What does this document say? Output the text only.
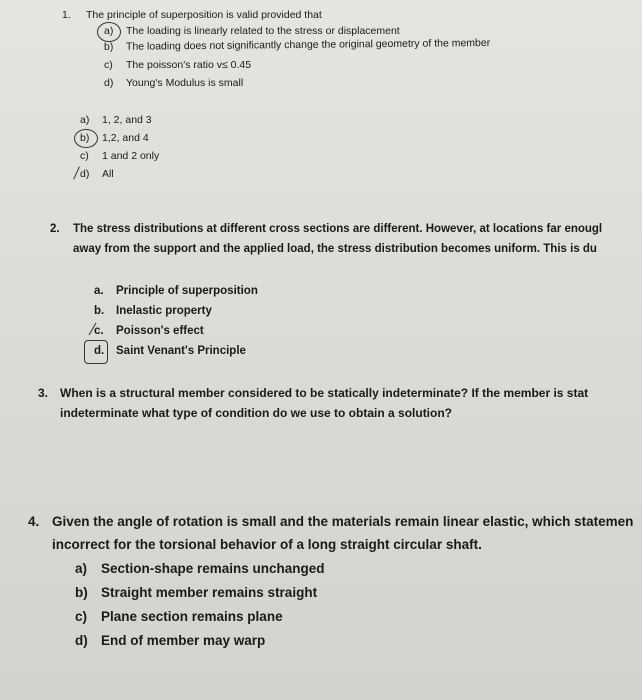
1. The principle of superposition is valid provided that
a) The loading is linearly related to the stress or displacement
b) The loading does not significantly change the original geometry of the member
c) The poisson's ratio v≤ 0.45
d) Young's Modulus is small
a) 1, 2, and 3
b) 1,2, and 4
c) 1 and 2 only
d) All
2. The stress distributions at different cross sections are different. However, at locations far enougl
away from the support and the applied load, the stress distribution becomes uniform. This is du
a. Principle of superposition
b. Inelastic property
c. Poisson's effect
d. Saint Venant's Principle
3. When is a structural member considered to be statically indeterminate? If the member is stat
indeterminate what type of condition do we use to obtain a solution?
4. Given the angle of rotation is small and the materials remain linear elastic, which statemen
incorrect for the torsional behavior of a long straight circular shaft.
a) Section-shape remains unchanged
b) Straight member remains straight
c) Plane section remains plane
d) End of member may warp
